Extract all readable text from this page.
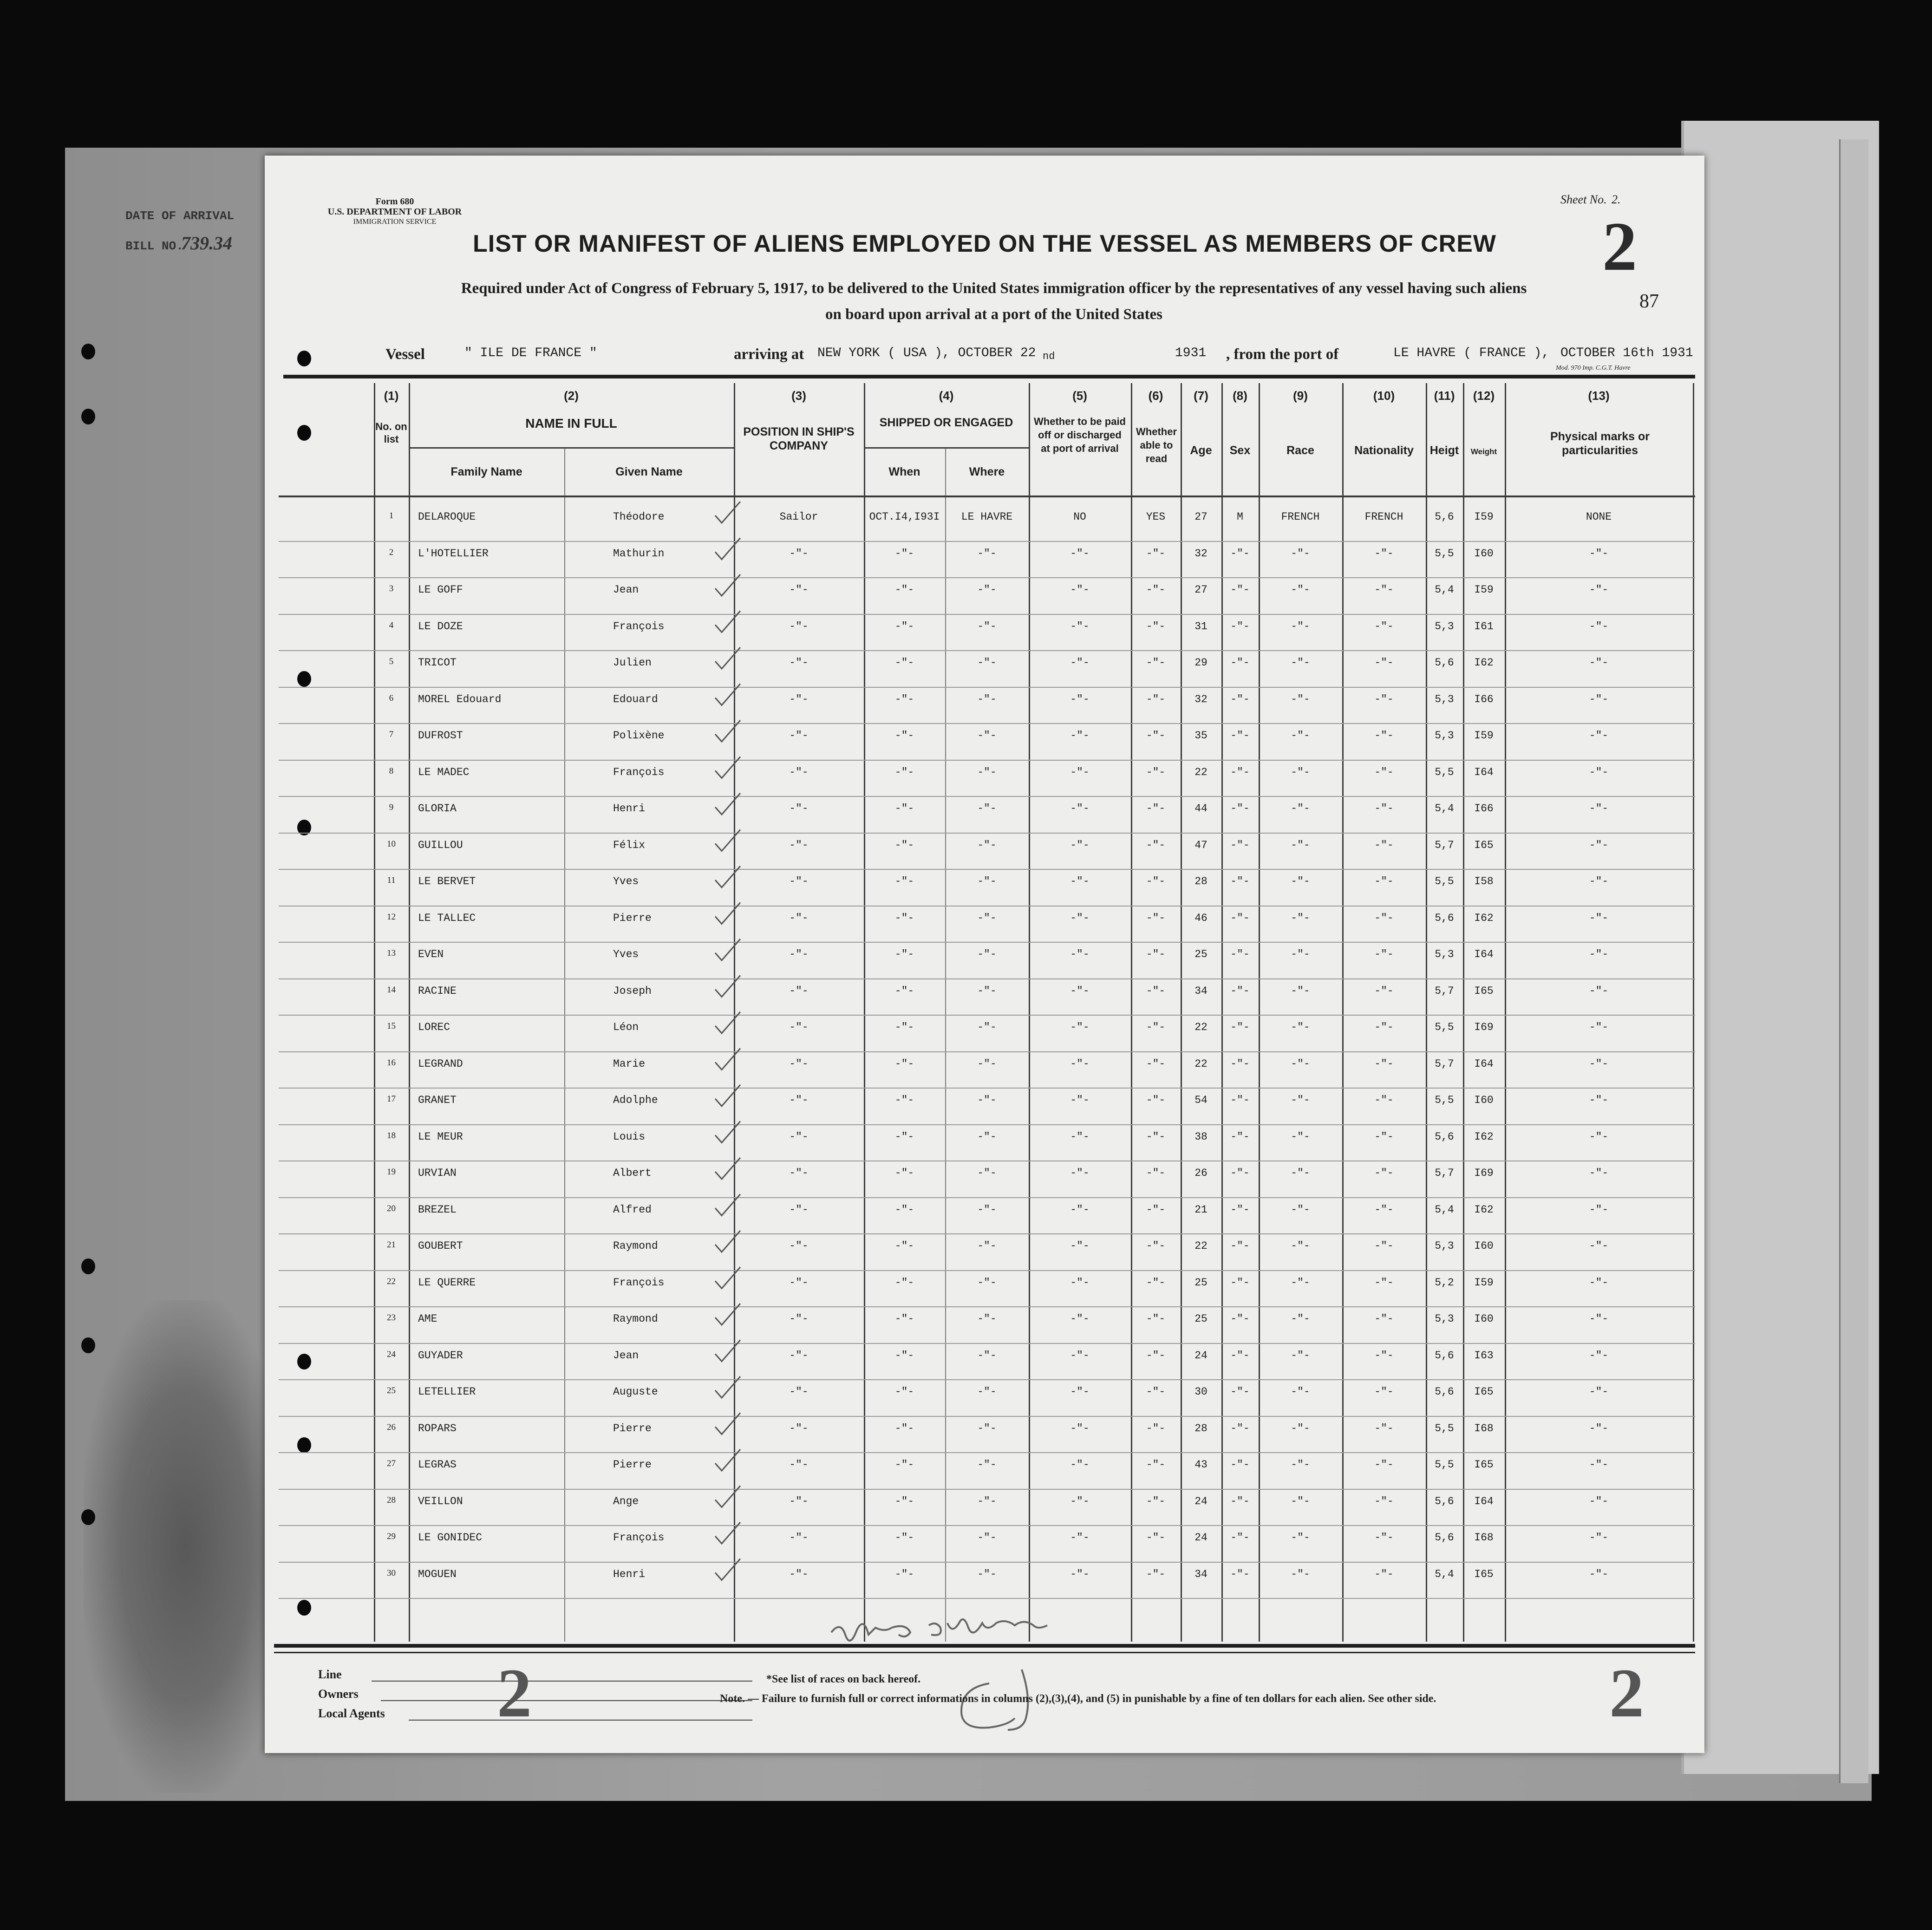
DATE OF ARRIVAL
BILL NO.
739.34
Form 680
U.S. DEPARTMENT OF LABOR
IMMIGRATION SERVICE
Sheet No. 2.
2
87
LIST OR MANIFEST OF ALIENS EMPLOYED ON THE VESSEL AS MEMBERS OF CREW
Required under Act of Congress of February 5, 1917, to be delivered to the United States immigration officer by the representatives of any vessel having such aliens
on board upon arrival at a port of the United States
Vessel	" ILE DE FRANCE "	arriving at NEW YORK ( USA ), OCTOBER 22 nd	1931 , from the port of	LE HAVRE ( FRANCE ), OCTOBER 16th 1931
Mod. 970 Imp. C.G.T. Havre
(1)	(2)	(3)	(4)	(5)	(6)	(7)	(8)	(9)	(10)	(11)	(12)	(13)
No. on list
NAME IN FULL
Family Name	Given Name
POSITION IN SHIP'S COMPANY
SHIPPED OR ENGAGED
When	Where
Whether to be paid off or discharged at port of arrival
Whether able to read
Age	Sex	Race	Nationality	Heigt	Weight
Physical marks or particularities
1	DELAROQUE	Théodore	Sailor	OCT.I4,I93I	LE HAVRE	NO	YES	27	M	FRENCH	FRENCH	5,6	I59	NONE
2	L'HOTELLIER	Mathurin	-"-	-"-	-"-	-"-	-"-	32	-"-	-"-	-"-	5,5	I60	-"-
3	LE GOFF	Jean	-"-	-"-	-"-	-"-	-"-	27	-"-	-"-	-"-	5,4	I59	-"-
4	LE DOZE	François	-"-	-"-	-"-	-"-	-"-	31	-"-	-"-	-"-	5,3	I61	-"-
5	TRICOT	Julien	-"-	-"-	-"-	-"-	-"-	29	-"-	-"-	-"-	5,6	I62	-"-
6	MOREL Edouard	Edouard	-"-	-"-	-"-	-"-	-"-	32	-"-	-"-	-"-	5,3	I66	-"-
7	DUFROST	Polixène	-"-	-"-	-"-	-"-	-"-	35	-"-	-"-	-"-	5,3	I59	-"-
8	LE MADEC	François	-"-	-"-	-"-	-"-	-"-	22	-"-	-"-	-"-	5,5	I64	-"-
9	GLORIA	Henri	-"-	-"-	-"-	-"-	-"-	44	-"-	-"-	-"-	5,4	I66	-"-
10	GUILLOU	Félix	-"-	-"-	-"-	-"-	-"-	47	-"-	-"-	-"-	5,7	I65	-"-
11	LE BERVET	Yves	-"-	-"-	-"-	-"-	-"-	28	-"-	-"-	-"-	5,5	I58	-"-
12	LE TALLEC	Pierre	-"-	-"-	-"-	-"-	-"-	46	-"-	-"-	-"-	5,6	I62	-"-
13	EVEN	Yves	-"-	-"-	-"-	-"-	-"-	25	-"-	-"-	-"-	5,3	I64	-"-
14	RACINE	Joseph	-"-	-"-	-"-	-"-	-"-	34	-"-	-"-	-"-	5,7	I65	-"-
15	LOREC	Léon	-"-	-"-	-"-	-"-	-"-	22	-"-	-"-	-"-	5,5	I69	-"-
16	LEGRAND	Marie	-"-	-"-	-"-	-"-	-"-	22	-"-	-"-	-"-	5,7	I64	-"-
17	GRANET	Adolphe	-"-	-"-	-"-	-"-	-"-	54	-"-	-"-	-"-	5,5	I60	-"-
18	LE MEUR	Louis	-"-	-"-	-"-	-"-	-"-	38	-"-	-"-	-"-	5,6	I62	-"-
19	URVIAN	Albert	-"-	-"-	-"-	-"-	-"-	26	-"-	-"-	-"-	5,7	I69	-"-
20	BREZEL	Alfred	-"-	-"-	-"-	-"-	-"-	21	-"-	-"-	-"-	5,4	I62	-"-
21	GOUBERT	Raymond	-"-	-"-	-"-	-"-	-"-	22	-"-	-"-	-"-	5,3	I60	-"-
22	LE QUERRE	François	-"-	-"-	-"-	-"-	-"-	25	-"-	-"-	-"-	5,2	I59	-"-
23	AME	Raymond	-"-	-"-	-"-	-"-	-"-	25	-"-	-"-	-"-	5,3	I60	-"-
24	GUYADER	Jean	-"-	-"-	-"-	-"-	-"-	24	-"-	-"-	-"-	5,6	I63	-"-
25	LETELLIER	Auguste	-"-	-"-	-"-	-"-	-"-	30	-"-	-"-	-"-	5,6	I65	-"-
26	ROPARS	Pierre	-"-	-"-	-"-	-"-	-"-	28	-"-	-"-	-"-	5,5	I68	-"-
27	LEGRAS	Pierre	-"-	-"-	-"-	-"-	-"-	43	-"-	-"-	-"-	5,5	I65	-"-
28	VEILLON	Ange	-"-	-"-	-"-	-"-	-"-	24	-"-	-"-	-"-	5,6	I64	-"-
29	LE GONIDEC	François	-"-	-"-	-"-	-"-	-"-	24	-"-	-"-	-"-	5,6	I68	-"-
30	MOGUEN	Henri	-"-	-"-	-"-	-"-	-"-	34	-"-	-"-	-"-	5,4	I65	-"-
Line
Owners
Local Agents 2	2
*See list of races on back hereof.
Note. — Failure to furnish full or correct informations in columns (2),(3),(4), and (5) in punishable by a fine of ten dollars for each alien. See other side.
